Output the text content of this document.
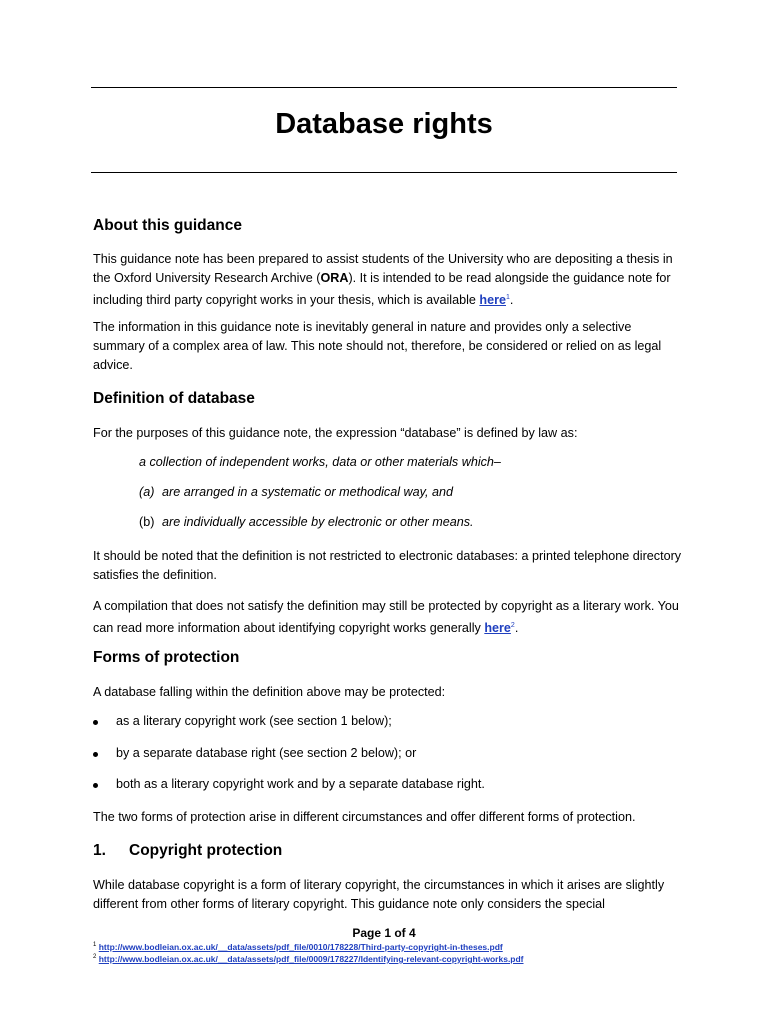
Database rights
About this guidance

This guidance note has been prepared to assist students of the University who are depositing a thesis in the Oxford University Research Archive (ORA). It is intended to be read alongside the guidance note for including third party copyright works in your thesis, which is available here$^1$.

The information in this guidance note is inevitably general in nature and provides only a selective summary of a complex area of law. This note should not, therefore, be considered or relied on as legal advice.

Definition of database

For the purposes of this guidance note, the expression “database” is defined by law as:

a collection of independent works, data or other materials which–

(a) are arranged in a systematic or methodical way, and
(b) are individually accessible by electronic or other means.

It should be noted that the definition is not restricted to electronic databases: a printed telephone directory satisfies the definition.

A compilation that does not satisfy the definition may still be protected by copyright as a literary work. You can read more information about identifying copyright works generally here$^2$.

Forms of protection

A database falling within the definition above may be protected:

as a literary copyright work (see section 1 below);
by a separate database right (see section 2 below); or
both as a literary copyright work and by a separate database right.

The two forms of protection arise in different circumstances and offer different forms of protection.

1. Copyright protection

While database copyright is a form of literary copyright, the circumstances in which it arises are slightly different from other forms of literary copyright. This guidance note only considers the special

Page 1 of 4
$^1$ http://www.bodleian.ox.ac.uk/__data/assets/pdf_file/0010/178228/Third-party-copyright-in-theses.pdf
$^2$ http://www.bodleian.ox.ac.uk/__data/assets/pdf_file/0009/178227/Identifying-relevant-copyright-works.pdf
